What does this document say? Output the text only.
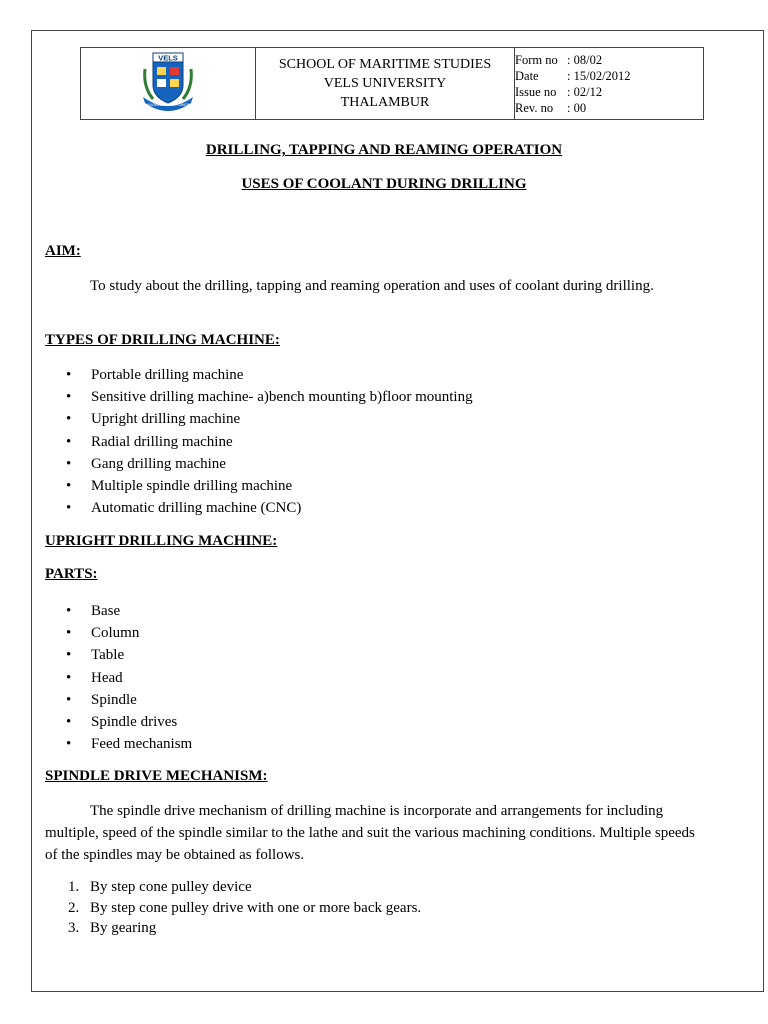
VELS
KNOWLEDGE IS POWER

SCHOOL OF MARITIME STUDIES
VELS UNIVERSITY
THALAMBUR

Form no : 08/02
Date	: 15/02/2012
Issue no : 02/12
Rev. no	: 00
DRILLING, TAPPING AND REAMING OPERATION
USES OF COOLANT DURING DRILLING
AIM:

To study about the drilling, tapping and reaming operation and uses of coolant during drilling.

TYPES OF DRILLING MACHINE:
• Portable drilling machine
• Sensitive drilling machine- a)bench mounting b)floor mounting
• Upright drilling machine
• Radial drilling machine
• Gang drilling machine
• Multiple spindle drilling machine
• Automatic drilling machine (CNC)
UPRIGHT DRILLING MACHINE:
PARTS:
• Base
• Column
• Table
• Head
• Spindle
• Spindle drives
• Feed mechanism
SPINDLE DRIVE MECHANISM:

The spindle drive mechanism of drilling machine is incorporate and arrangements for including multiple, speed of the spindle similar to the lathe and suit the various machining conditions. Multiple speeds of the spindles may be obtained as follows.

1. By step cone pulley device
2. By step cone pulley drive with one or more back gears.
3. By gearing
